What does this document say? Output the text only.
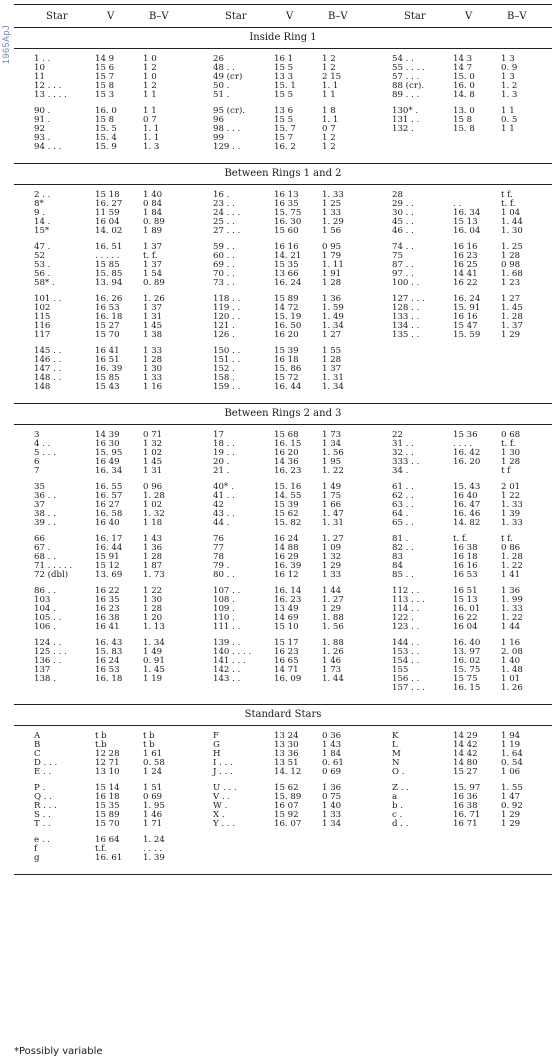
1965ApJ
Star	V	B–V	Star	V	B–V	Star	V	B–V
Inside Ring 1
1 . .	14 9	1 0
10	15 6	1 2
11	15 7	1 0
12 . . .	15 8	1 2
13 . . . .	15 3	1 1
26	16 1	1 2
48 . .	15 5	1 2
49 (cr)	13 3	2 15
50 .	15. 1	1. 1
51 .	15 5	1 1
54 . .	14 3	1 3
55 . . . .	14 7	0. 9
57 . . .	15. 0	1 3
88 (cr).	16. 0	1. 2
89 . . .	14. 8	1. 3
90 .	16. 0	1 1
91 .	15 8	0 7
92	15. 5	1. 1
93 .	15. 4	1. 1
94 . . .	15. 9	1. 3
95 (cr).	13 6	1 8
96	15 5	1. 1
98 . . .	15. 7	0 7
99	15 7	1 2
129 . .	16. 2	1 2
130* .	13. 0	1 1
131 . .	15 8	0. 5
132 .	15. 8	1 1
Between Rings 1 and 2
2 . .	15 18	1 40
8*	16. 27	0 84
9 .	11 59	1 84
14 .	16 04	0. 89
15*	14. 02	1 89
16 .	16 13	1. 33
23 . .	16 35	1 25
24 . . .	15. 75	1 33
25 . .	16. 30	1. 29
27 . . .	15 60	1 56
28	t f.
29 . .	. .	t. f.
30 . .	16. 34	1 04
45 . .	15 13	1. 44
46 . .	16. 04	1. 30
47 .	16. 51	1 37
52	. . . . .	t. f.
53 .	15 85	1 37
56 .	15. 85	1 54
58* .	13. 94	0. 89
59 . .	16 16	0 95
60 . .	14. 21	1 79
69 . .	15 35	1. 11
70 . .	13 66	1 91
73 . .	16. 24	1 28
74 . .	16 16	1. 25
75	16 23	1 28
87 . .	16 25	0 98
97 . .	14 41	1. 68
100 . .	16 22	1 23
101 . .	16. 26	1. 26
102	16 53	1 37
115	16. 18	1 31
116	15 27	1 45
117	15 70	1 38
118 . .	15 89	1 36
119 . .	14 72	1. 59
120 . .	15. 19	1. 49
121 .	16. 50	1. 34
126 .	16 20	1 27
127 . . .	16. 24	1 27
128 . .	15. 91	1. 45
133 . .	16 16	1. 28
134 . .	15 47	1. 37
135 . .	15. 59	1 29
145 . .	16 41	1 33
146 . .	16 51	1 28
147 . .	16. 39	1 30
148 . .	15 85	1 33
148	15 43	1 16
150 . .	15 39	1 55
151 . .	16 18	1 28
152 .	15. 86	1 37
158 .	15 72	1. 31
159 . .	16. 44	1. 34
Between Rings 2 and 3
3	14 39	0 71
4 . .	16 30	1 32
5 . . .	15. 95	1 02
6	16 49	1 45
7	16. 34	1 31
17	15 68	1 73
18 . .	16. 15	1 34
19 . .	16 20	1. 56
20 .	14 36	1 95
21 .	16. 23	1. 22
22	15 36	0 68
31 . .	. . . .	t. f.
32 . .	16. 42	1 30
333 . .	16. 20	1 28
34 .	t f
35	16. 55	0 96
36 . .	16. 57	1. 28
37	16 27	1 02
38 . .	16. 58	1. 32
39 . .	16 40	1 18
40* .	15. 16	1 49
41 . .	14. 55	1 75
42	15 39	1 66
43 . .	15 62	1. 47
44 .	15. 82	1. 31
61 . .	15. 43	2 01
62 . .	16 40	1 22
63 . .	16. 47	1. 33
64 .	16. 46	1 39
65 . .	14. 82	1. 33
66	16. 17	1 43
67 .	16. 44	1 36
68 . .	15 91	1 28
71 . . . . .	15 12	1 87
72 (dbl)	13. 69	1. 73
76	16 24	1. 27
77	14 88	1 09
78	16 29	1 32
79 .	16. 39	1 29
80 . .	16 12	1 33
81 .	t. f.	t f.
82 . .	16 38	0 86
83	16 18	1. 28
84	16 16	1. 22
85 . .	16 53	1 41
86 . .	16 22	1 22
103	16 35	1 30
104 .	16 23	1 28
105 . .	16 38	1 20
106 .	16 41	1. 13
107 . .	16. 14	1 44
108 .	16. 23	1. 27
109 .	13 49	1 29
110 .	14 69	1. 88
111 . .	15 10	1. 56
112 . .	16 51	1 36
113 . . .	15 13	1. 99
114 . .	16. 01	1. 33
122 .	16 22	1. 22
123 . .	16 04	1 44
124 . .	16. 43	1. 34
125 . . .	15. 83	1 49
136 . .	16 24	0. 91
137	16 53	1. 45
138 .	16. 18	1 19
139 . .	15 17	1. 88
140 . . . .	16 23	1. 26
141 . . .	16 65	1 46
142 . .	14 71	1 73
143 . .	16. 09	1. 44
144 . .	16. 40	1 16
153 . .	13. 97	2. 08
154 . .	16. 02	1 40
155	15. 75	1. 48
156 . .	15 75	1 01
157 . . .	16. 15	1. 26
Standard Stars
A	t b	t b
B	t.b	t b
C	12 28	1 61
D . . .	12 71	0. 58
E . .	13 10	1 24
F	13 24	0 36
G	13 30	1 43
H	13 36	1 84
I . . .	13 51	0. 61
J . . .	14. 12	0 69
K	14 29	1 94
L	14 42	1 19
M	14 42	1. 64
N	14 80	0. 54
O .	15 27	1 06
P .	15 14	1 51
Q . .	16 18	0 69
R . . .	15 35	1. 95
S . .	15 89	1 46
T . .	15 70	1 71
U . . .	15 62	1 36
V . .	15. 89	0 75
W .	16 07	1 40
X .	15 92	1 33
Y . . .	16. 07	1 34
Z . .	15. 97	1. 55
a	16 36	1 47
b .	16 38	0. 92
c .	16. 71	1 29
d . .	16 71	1 29
e . .	16 64	1. 24
f	t.f.	. . . .
g	16. 61	1. 39
*Possibly variable
